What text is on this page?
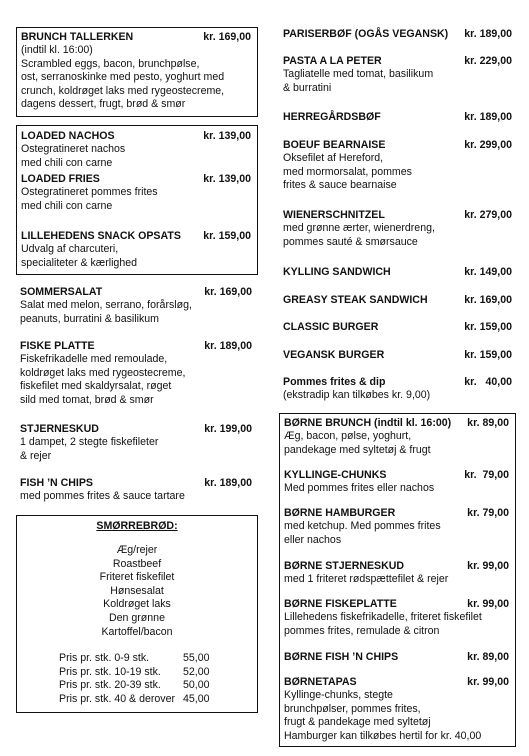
BRUNCH TALLERKEN	kr. 169,00
(indtil kl. 16:00)
Scrambled eggs, bacon, brunchpølse,
ost, serranoskinke med pesto, yoghurt med
crunch, koldrøget laks med rygeostecreme,
dagens dessert, frugt, brød & smør
LOADED NACHOS	kr. 139,00
Ostegratineret nachos
med chili con carne
LOADED FRIES	kr. 139,00
Ostegratineret pommes frites
med chili con carne
LILLEHEDENS SNACK OPSATS kr. 159,00
Udvalg af charcuteri,
specialiteter & kærlighed
SOMMERSALAT	kr. 169,00
Salat med melon, serrano, forårsløg,
peanuts, burratini & basilikum
FISKE PLATTE	kr. 189,00
Fiskefrikadelle med remoulade,
koldrøget laks med rygeostecreme,
fiskefilet med skaldyrsalat, røget
sild med tomat, brød & smør
STJERNESKUD	kr. 199,00
1 dampet, 2 stegte fiskefileter
& rejer
FISH ’N CHIPS	kr. 189,00
med pommes frites & sauce tartare
SMØRREBRØD:
Æg/rejer
Roastbeef
Friteret fiskefilet
Hønsesalat
Koldrøget laks
Den grønne
Kartoffel/bacon
Pris pr. stk. 0-9 stk.	55,00
Pris pr. stk. 10-19 stk.	52,00
Pris pr. stk. 20-39 stk.	50,00
Pris pr. stk. 40 & derover 45,00
PARISERBØF (OGÅS VEGANSK) kr. 189,00
PASTA A LA PETER	kr. 229,00
Tagliatelle med tomat, basilikum
& burratini
HERREGÅRDSBØF	kr. 189,00
BOEUF BEARNAISE	kr. 299,00
Oksefilet af Hereford,
med mormorsalat, pommes
frites & sauce bearnaise
WIENERSCHNITZEL	kr. 279,00
med grønne ærter, wienerdreng,
pommes sauté & smørsauce
KYLLING SANDWICH	kr. 149,00
GREASY STEAK SANDWICH	kr. 169,00
CLASSIC BURGER	kr. 159,00
VEGANSK BURGER	kr. 159,00
Pommes frites & dip	kr.   40,00
(ekstradip kan tilkøbes kr. 9,00)
BØRNE BRUNCH (indtil kl. 16:00) kr. 89,00
Æg, bacon, pølse, yoghurt,
pandekage med syltetøj & frugt
KYLLINGE-CHUNKS	kr.  79,00
Med pommes frites eller nachos
BØRNE HAMBURGER	kr. 79,00
med ketchup. Med pommes frites
eller nachos
BØRNE STJERNESKUD	kr. 99,00
med 1 friteret rødspættefilet & rejer
BØRNE FISKEPLATTE	kr. 99,00
Lillehedens fiskefrikadelle, friteret fiskefilet
pommes frites, remulade & citron
BØRNE FISH ’N CHIPS	kr. 89,00
BØRNETAPAS	kr. 99,00
Kyllinge-chunks, stegte
brunchpølser, pommes frites,
frugt & pandekage med syltetøj
Hamburger kan tilkøbes hertil for kr. 40,00
